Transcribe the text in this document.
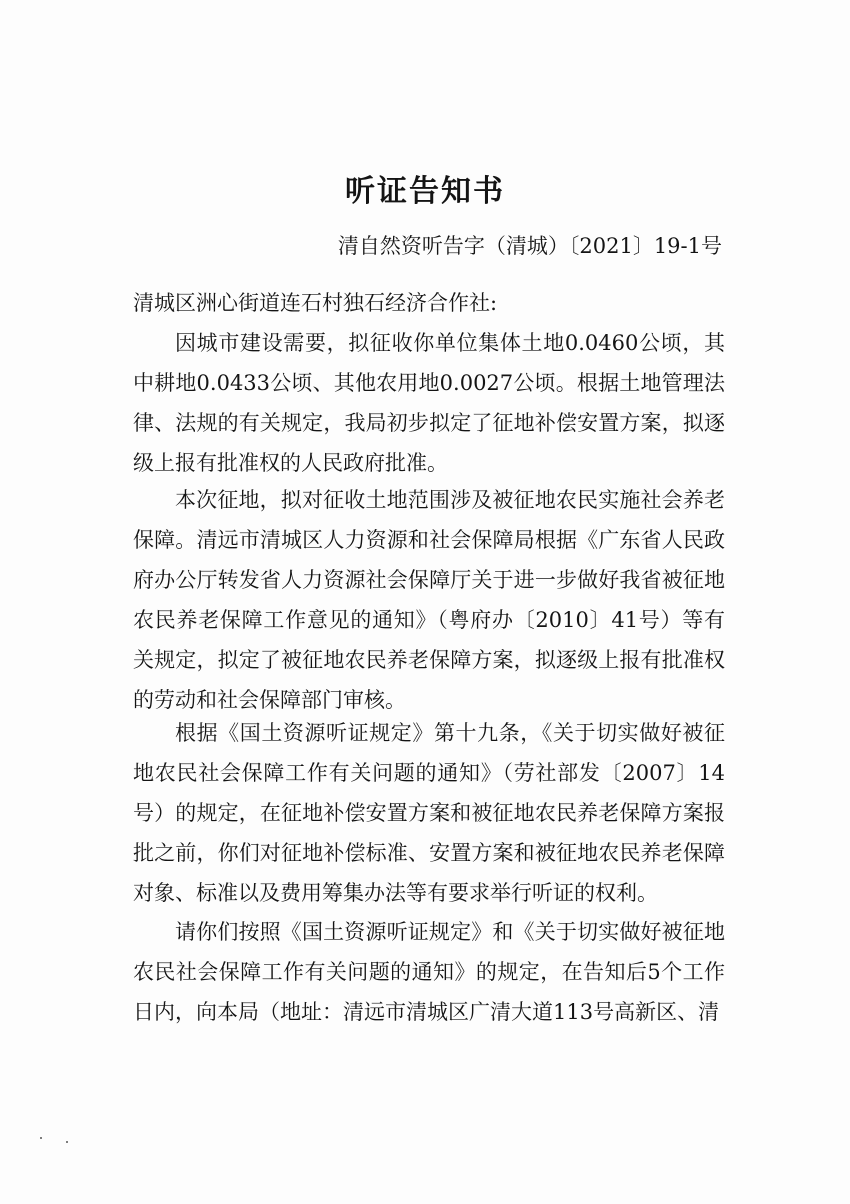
听证告知书
清自然资听告字（清城）〔2021〕19-1号
清城区洲心街道连石村独石经济合作社:

因城市建设需要，拟征收你单位集体土地0.0460公顷，其中耕地0.0433公顷、其他农用地0.0027公顷。根据土地管理法律、法规的有关规定，我局初步拟定了征地补偿安置方案，拟逐级上报有批准权的人民政府批准。

本次征地，拟对征收土地范围涉及被征地农民实施社会养老保障。清远市清城区人力资源和社会保障局根据《广东省人民政府办公厅转发省人力资源社会保障厅关于进一步做好我省被征地农民养老保障工作意见的通知》（粤府办〔2010〕41号）等有关规定，拟定了被征地农民养老保障方案，拟逐级上报有批准权的劳动和社会保障部门审核。

根据《国土资源听证规定》第十九条，《关于切实做好被征地农民社会保障工作有关问题的通知》（劳社部发〔2007〕14号）的规定，在征地补偿安置方案和被征地农民养老保障方案报批之前，你们对征地补偿标准、安置方案和被征地农民养老保障对象、标准以及费用筹集办法等有要求举行听证的权利。

请你们按照《国土资源听证规定》和《关于切实做好被征地农民社会保障工作有关问题的通知》的规定，在告知后5个工作日内，向本局（地址：清远市清城区广清大道113号高新区、清
